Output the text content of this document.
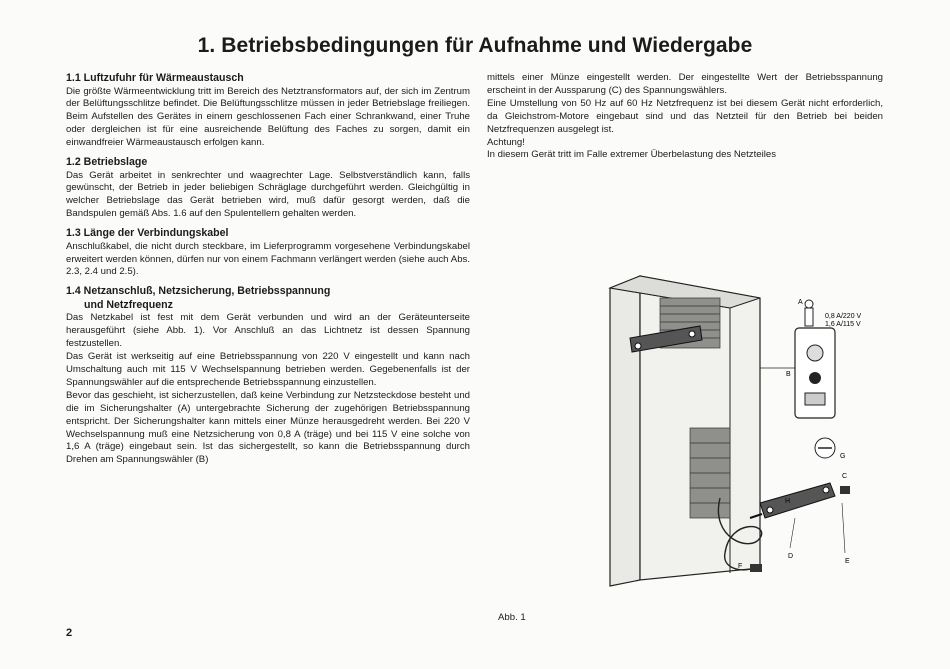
1. Betriebsbedingungen für Aufnahme und Wiedergabe
1.1 Luftzufuhr für Wärmeaustausch

Die größte Wärmeentwicklung tritt im Bereich des Netztransformators auf, der sich im Zentrum der Belüftungsschlitze befindet. Die Belüftungsschlitze müssen in jeder Betriebslage freiliegen. Beim Aufstellen des Gerätes in einem geschlossenen Fach einer Schrankwand, einer Truhe oder dergleichen ist für eine ausreichende Belüftung des Faches zu sorgen, damit ein einwandfreier Wärmeaustausch erfolgen kann.

1.2 Betriebslage

Das Gerät arbeitet in senkrechter und waagrechter Lage. Selbstverständlich kann, falls gewünscht, der Betrieb in jeder beliebigen Schräglage durchgeführt werden. Gleichgültig in welcher Betriebslage das Gerät betrieben wird, muß dafür gesorgt werden, daß die Bandspulen gemäß Abs. 1.6 auf den Spulentellern gehalten werden.

1.3 Länge der Verbindungskabel

Anschlußkabel, die nicht durch steckbare, im Lieferprogramm vorgesehene Verbindungskabel erweitert werden können, dürfen nur von einem Fachmann verlängert werden (siehe auch Abs. 2.3, 2.4 und 2.5).

1.4 Netzanschluß, Netzsicherung, Betriebsspannung
und Netzfrequenz

Das Netzkabel ist fest mit dem Gerät verbunden und wird an der Geräteunterseite herausgeführt (siehe Abb. 1). Vor Anschluß an das Lichtnetz ist dessen Spannung festzustellen.

Das Gerät ist werkseitig auf eine Betriebsspannung von 220 V eingestellt und kann nach Umschaltung auch mit 115 V Wechselspannung betrieben werden. Gegebenenfalls ist der Spannungswähler auf die entsprechende Betriebsspannung einzustellen.

Bevor das geschieht, ist sicherzustellen, daß keine Verbindung zur Netzsteckdose besteht und die im Sicherungshalter (A) untergebrachte Sicherung der zugehörigen Betriebsspannung entspricht. Der Sicherungshalter kann mittels einer Münze herausgedreht werden. Bei 220 V Wechselspannung muß eine Netzsicherung von 0,8 A (träge) und bei 115 V eine solche von 1,6 A (träge) eingebaut sein. Ist das sichergestellt, so kann die Betriebsspannung durch Drehen am Spannungswähler (B)

mittels einer Münze eingestellt werden. Der eingestellte Wert der Betriebsspannung erscheint in der Aussparung (C) des Spannungswählers.

Eine Umstellung von 50 Hz auf 60 Hz Netzfrequenz ist bei diesem Gerät nicht erforderlich, da Gleichstrom-Motore eingebaut sind und das Netzteil für den Betrieb bei beiden Netzfrequenzen ausgelegt ist.

Achtung!

In diesem Gerät tritt im Falle extremer Überbelastung des Netzteiles

A
0,8 A/220 V
1,6 A/115 V
G
H
C
D
E
F
B
Abb. 1
2
